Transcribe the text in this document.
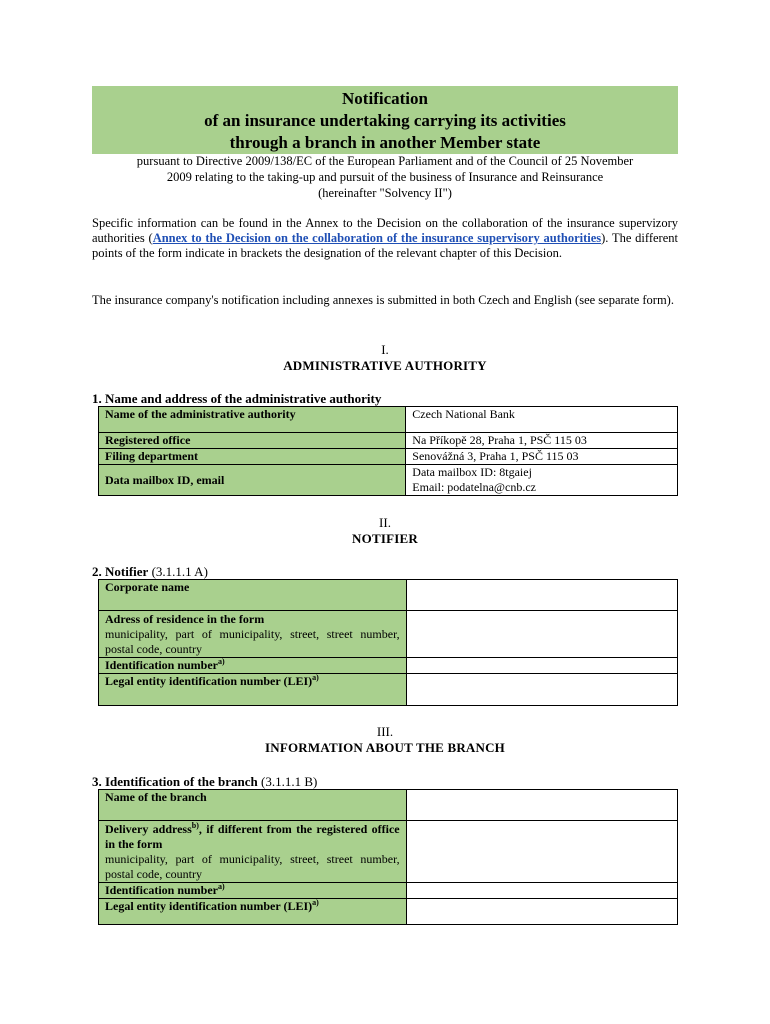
Notification
of an insurance undertaking carrying its activities
through a branch in another Member state
pursuant to Directive 2009/138/EC of the European Parliament and of the Council of 25 November
2009 relating to the taking-up and pursuit of the business of Insurance and Reinsurance
(hereinafter "Solvency II")
Specific information can be found in the Annex to the Decision on the collaboration of the insurance supervizory authorities (Annex to the Decision on the collaboration of the insurance supervisory authorities). The different points of the form indicate in brackets the designation of the relevant chapter of this Decision.
The insurance company's notification including annexes is submitted in both Czech and English (see separate form).
I.
ADMINISTRATIVE AUTHORITY
1. Name and address of the administrative authority
Name of the administrative authority	Czech National Bank
Registered office	Na Příkopě 28, Praha 1, PSČ 115 03
Filing department	Senovážná 3, Praha 1, PSČ 115 03
Data mailbox ID, email	Data mailbox ID: 8tgaiej
Email: podatelna@cnb.cz
II.
NOTIFIER
2. Notifier (3.1.1.1 A)
Corporate name	

Adress of residence in the form
municipality, part of municipality, street, street number, postal code, country	

Identification number$^{a)}$	
Legal entity identification number (LEI)$^{a)}$	
III.
INFORMATION ABOUT THE BRANCH
3. Identification of the branch (3.1.1.1 B)
Name of the branch	

Delivery address$^{b)}$, if different from the registered office in the form
municipality, part of municipality, street, street number, postal code, country	

Identification number$^{a)}$	
Legal entity identification number (LEI)$^{a)}$	
